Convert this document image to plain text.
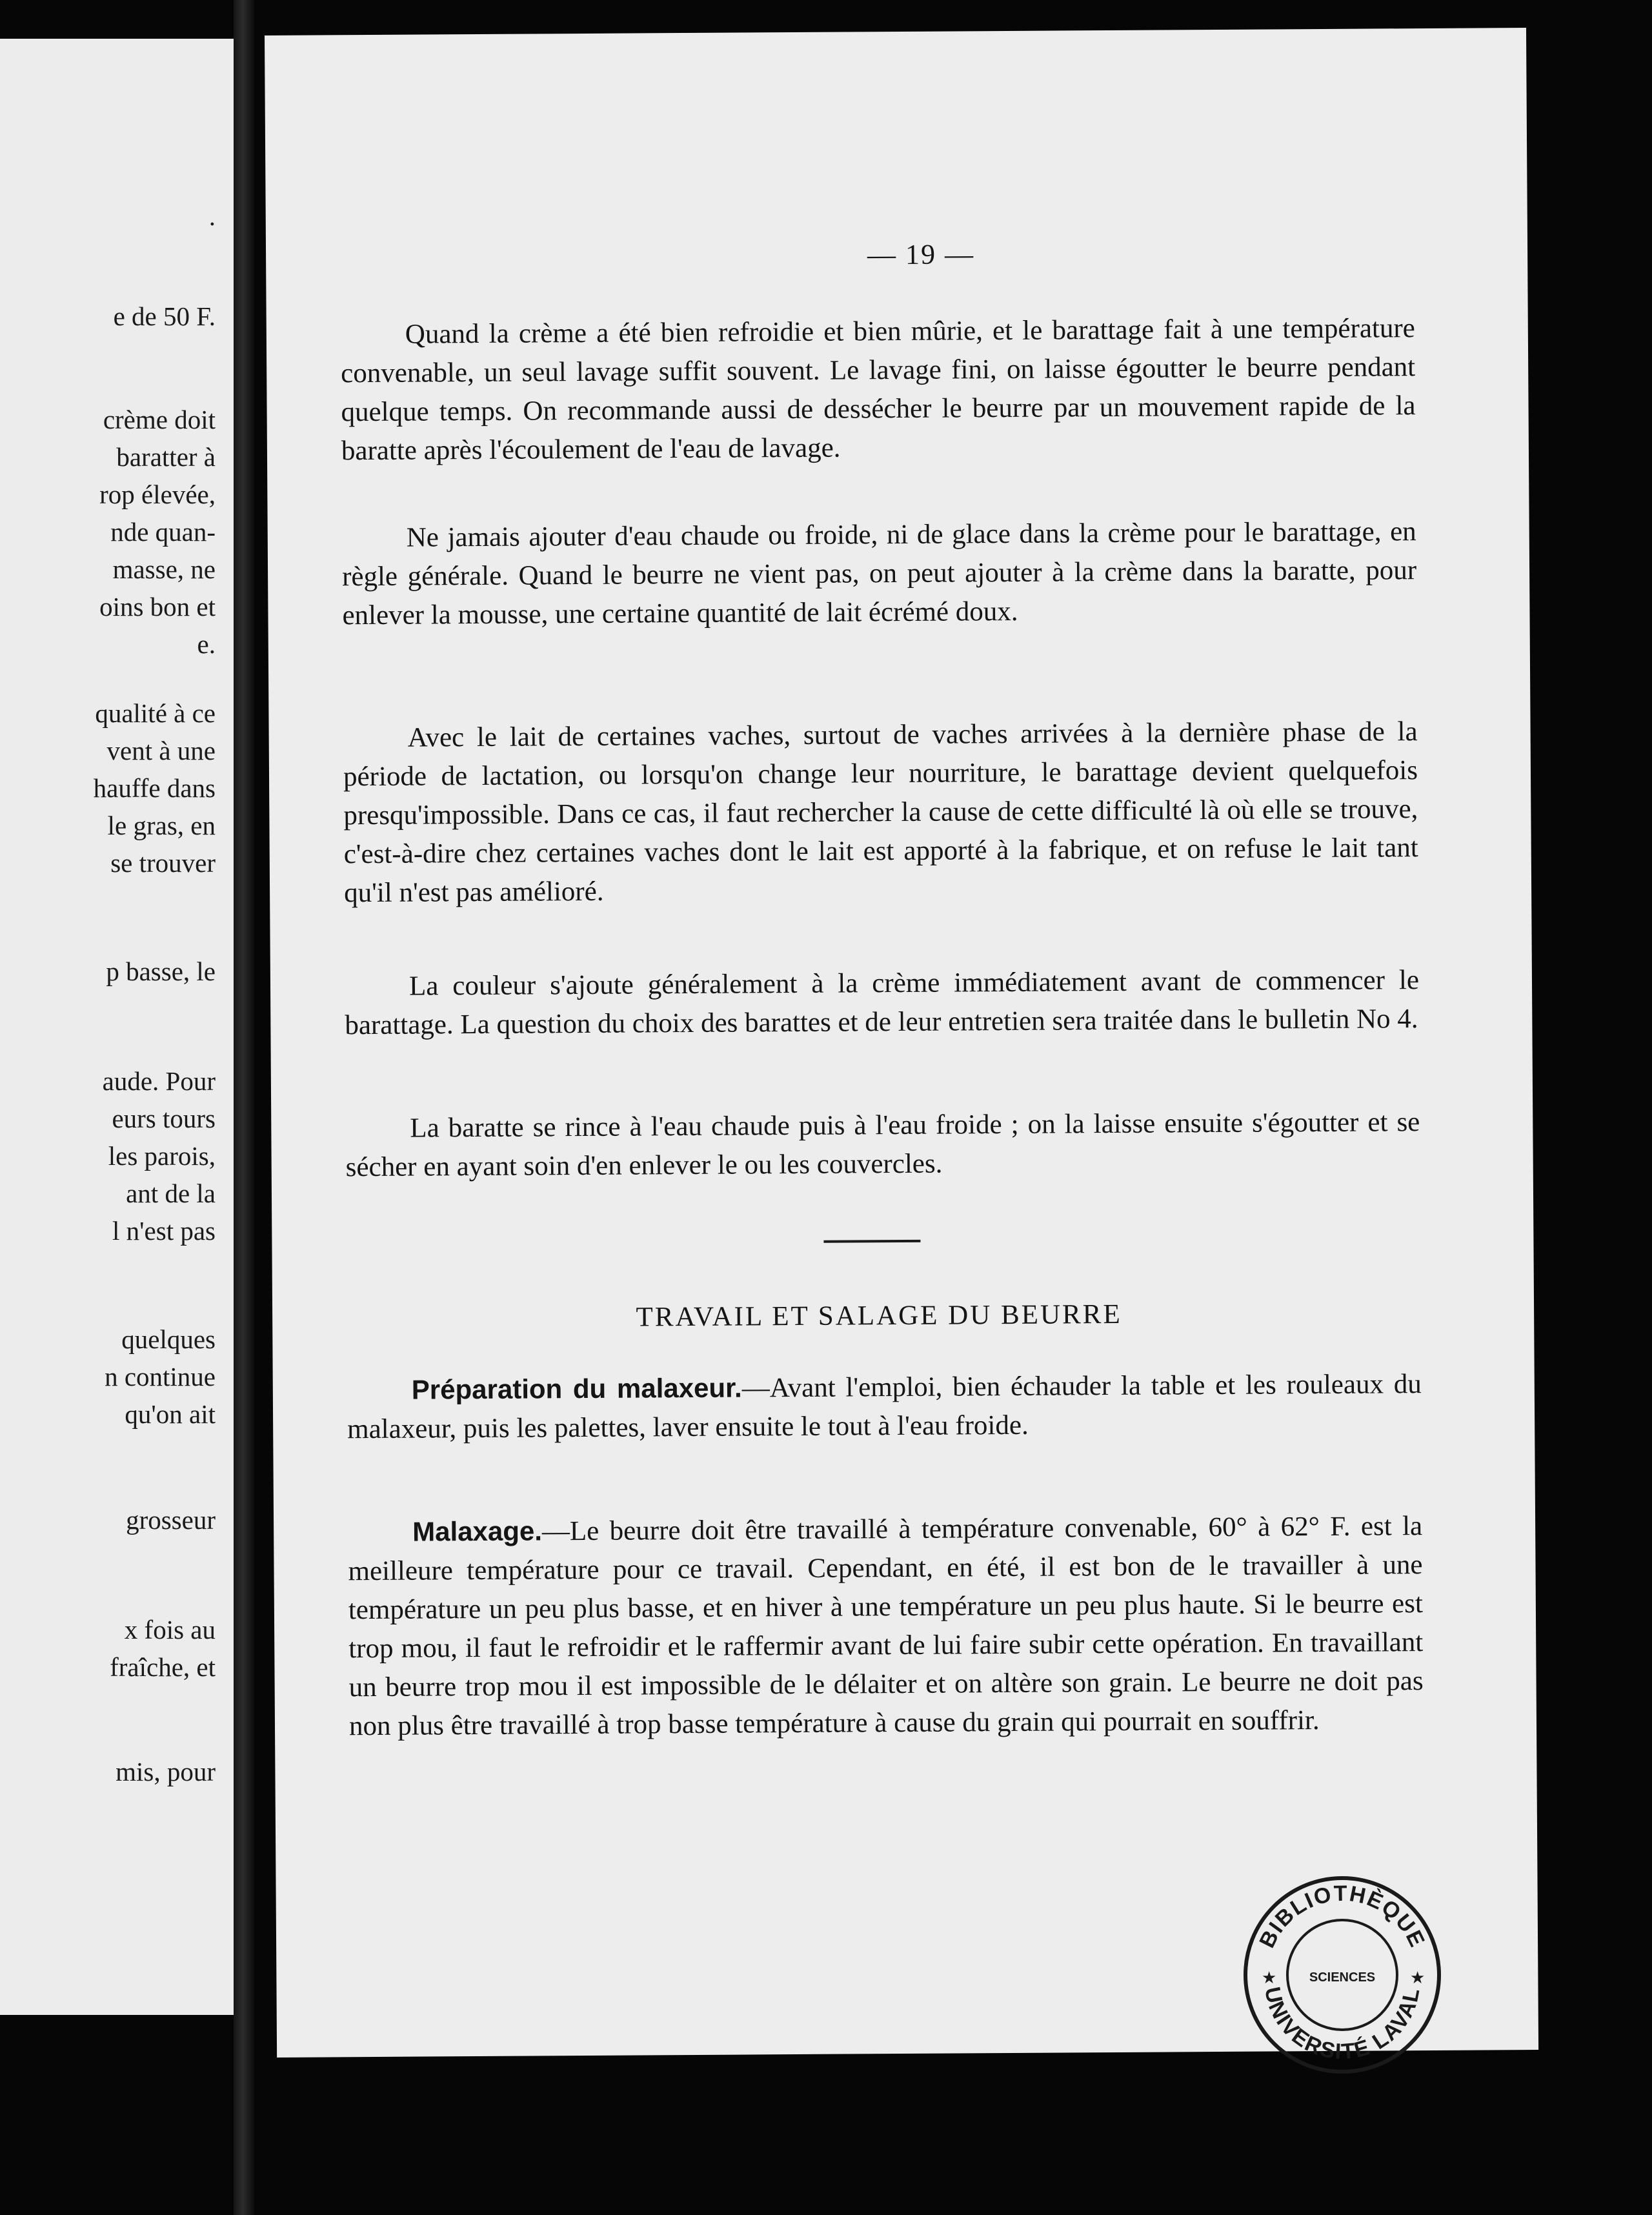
.
e de 50 F.
crème doit
baratter à
rop élevée,
nde quan-
masse, ne
oins bon et
e.
qualité à ce
vent à une
hauffe dans
le gras, en
se trouver
p basse, le
aude. Pour
eurs tours
les parois,
ant de la
l n'est pas
quelques
n continue
qu'on ait
grosseur
x fois au
fraîche, et
mis, pour
— 19 —

Quand la crème a été bien refroidie et bien mûrie, et le barattage fait à une température convenable, un seul lavage suffit souvent. Le lavage fini, on laisse égoutter le beurre pendant quelque temps. On recommande aussi de dessécher le beurre par un mouvement rapide de la baratte après l'écoulement de l'eau de lavage.

Ne jamais ajouter d'eau chaude ou froide, ni de glace dans la crème pour le barattage, en règle générale. Quand le beurre ne vient pas, on peut ajouter à la crème dans la baratte, pour enlever la mousse, une certaine quantité de lait écrémé doux.

Avec le lait de certaines vaches, surtout de vaches arrivées à la dernière phase de la période de lactation, ou lorsqu'on change leur nourriture, le barattage devient quelquefois presqu'impossible. Dans ce cas, il faut rechercher la cause de cette difficulté là où elle se trouve, c'est-à-dire chez certaines vaches dont le lait est apporté à la fabrique, et on refuse le lait tant qu'il n'est pas amélioré.

La couleur s'ajoute généralement à la crème immédiatement avant de commencer le barattage. La question du choix des barattes et de leur entretien sera traitée dans le bulletin No 4.

La baratte se rince à l'eau chaude puis à l'eau froide ; on la laisse ensuite s'égoutter et se sécher en ayant soin d'en enlever le ou les couvercles.

TRAVAIL ET SALAGE DU BEURRE

Préparation du malaxeur.—Avant l'emploi, bien échauder la table et les rouleaux du malaxeur, puis les palettes, laver ensuite le tout à l'eau froide.

Malaxage.—Le beurre doit être travaillé à température convenable, 60° à 62° F. est la meilleure température pour ce travail. Cependant, en été, il est bon de le travailler à une température un peu plus basse, et en hiver à une température un peu plus haute. Si le beurre est trop mou, il faut le refroidir et le raffermir avant de lui faire subir cette opération. En travaillant un beurre trop mou il est impossible de le délaiter et on altère son grain. Le beurre ne doit pas non plus être travaillé à trop basse température à cause du grain qui pourrait en souffrir.

BIBLIOTHÈQUE
SCIENCES
UNIVERSITÉ LAVAL
★	★
